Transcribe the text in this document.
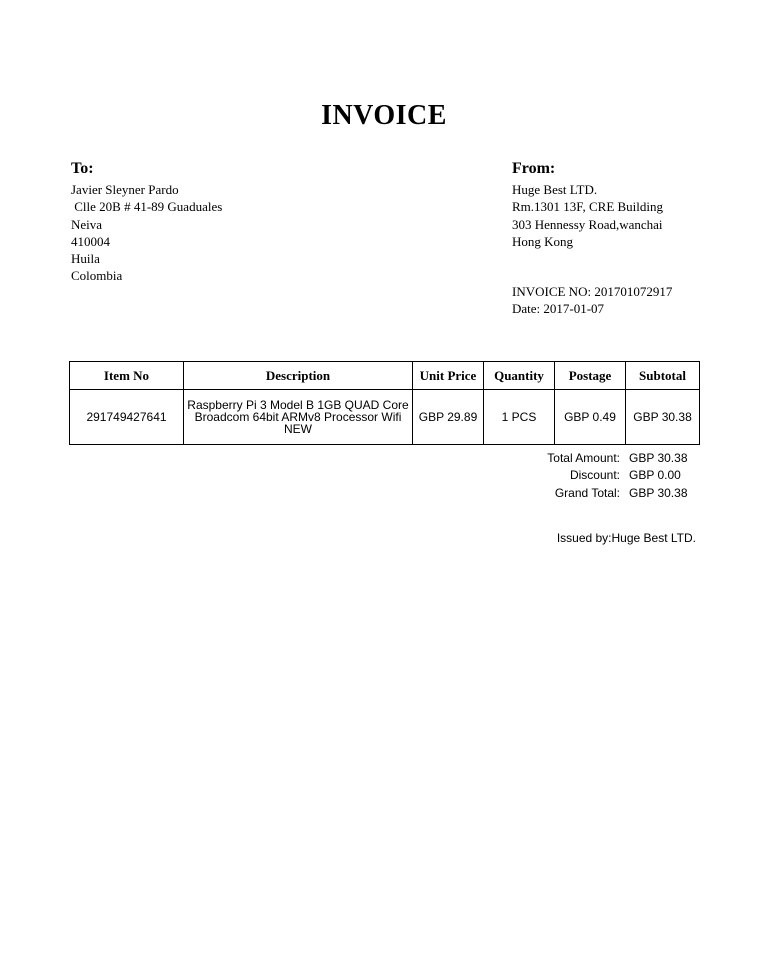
INVOICE
To:
Javier Sleyner Pardo
Clle 20B # 41-89 Guaduales
Neiva
410004
Huila
Colombia
From:
Huge Best LTD.
Rm.1301 13F, CRE Building
303 Hennessy Road,wanchai
Hong Kong
INVOICE NO: 201701072917
Date: 2017-01-07
Item No	Description	Unit Price	Quantity	Postage	Subtotal
291749427641	Raspberry Pi 3 Model B 1GB QUAD Core Broadcom 64bit ARMv8 Processor Wifi NEW	GBP 29.89	1 PCS	GBP 0.49	GBP 30.38
Total Amount: GBP 30.38
Discount: GBP 0.00
Grand Total: GBP 30.38
Issued by:Huge Best LTD.
